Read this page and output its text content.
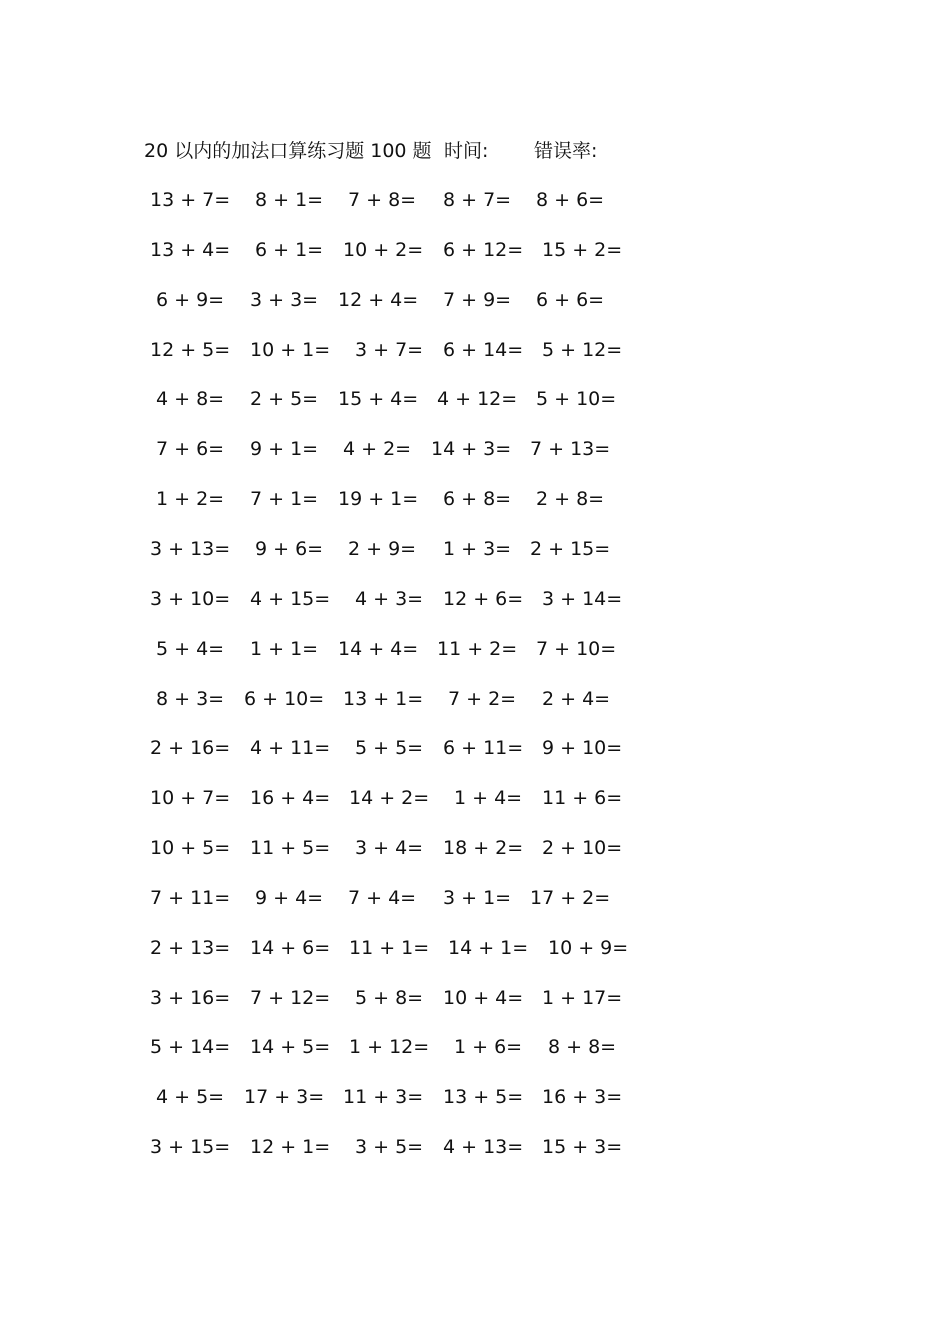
20 以内的加法口算练习题 100 题 时间: 错误率:
13 + 7= 8 + 1= 7 + 8= 8 + 7= 8 + 6=
13 + 4= 6 + 1= 10 + 2= 6 + 12= 15 + 2=
6 + 9= 3 + 3= 12 + 4= 7 + 9= 6 + 6=
12 + 5= 10 + 1= 3 + 7= 6 + 14= 5 + 12=
4 + 8= 2 + 5= 15 + 4= 4 + 12= 5 + 10=
7 + 6= 9 + 1= 4 + 2= 14 + 3= 7 + 13=
1 + 2= 7 + 1= 19 + 1= 6 + 8= 2 + 8=
3 + 13= 9 + 6= 2 + 9= 1 + 3= 2 + 15=
3 + 10= 4 + 15= 4 + 3= 12 + 6= 3 + 14=
5 + 4= 1 + 1= 14 + 4= 11 + 2= 7 + 10=
8 + 3= 6 + 10= 13 + 1= 7 + 2= 2 + 4=
2 + 16= 4 + 11= 5 + 5= 6 + 11= 9 + 10=
10 + 7= 16 + 4= 14 + 2= 1 + 4= 11 + 6=
10 + 5= 11 + 5= 3 + 4= 18 + 2= 2 + 10=
7 + 11= 9 + 4= 7 + 4= 3 + 1= 17 + 2=
2 + 13= 14 + 6= 11 + 1= 14 + 1= 10 + 9=
3 + 16= 7 + 12= 5 + 8= 10 + 4= 1 + 17=
5 + 14= 14 + 5= 1 + 12= 1 + 6= 8 + 8=
4 + 5= 17 + 3= 11 + 3= 13 + 5= 16 + 3=
3 + 15= 12 + 1= 3 + 5= 4 + 13= 15 + 3=
